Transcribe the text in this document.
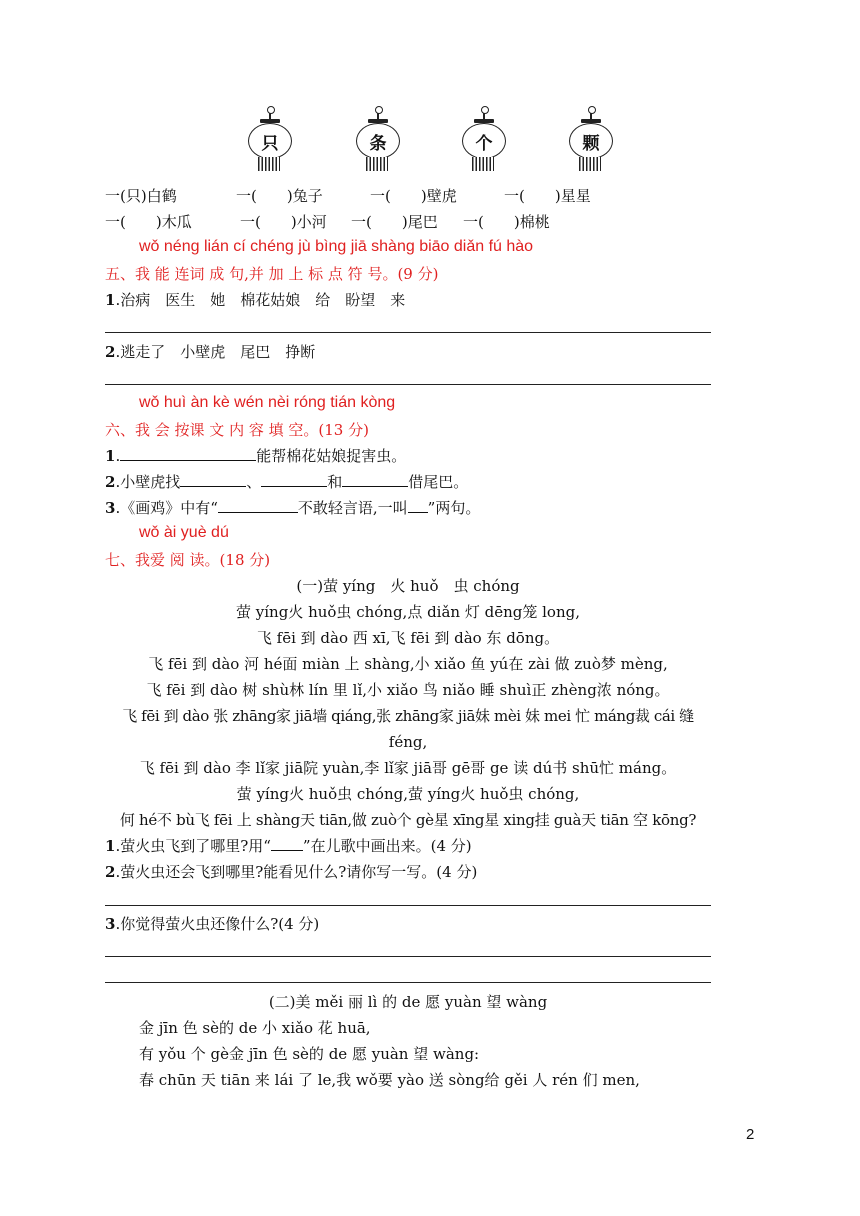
只	条	个	颗
一(只)白鹤	一(　　)兔子	一(　　)壁虎	一(　　)星星
一(　　)木瓜	一(　　)小河 一(　　)尾巴 一(　　)棉桃
wǒ néng lián cí chéng jù bìng jiā shàng biāo diǎn fú hào
五、我 能 连词 成 句,并 加 上 标 点 符 号。(9 分)
1.治病　医生　她　棉花姑娘　给　盼望　来
2.逃走了　小壁虎　尾巴　挣断
wǒ huì àn kè wén nèi róng tián kòng
六、我 会 按课 文 内 容 填 空。(13 分)
1.	能帮棉花姑娘捉害虫。
2.小壁虎找	、	和	借尾巴。
3.《画鸡》中有“	不敢轻言语,一叫 ”两句。
wǒ ài yuè dú
七、我爱 阅 读。(18 分)
(一)萤 yíng　火 huǒ　虫 chóng
萤 yíng火 huǒ虫 chóng,点 diǎn 灯 dēng笼 long,
飞 fēi 到 dào 西 xī,飞 fēi 到 dào 东 dōng。
飞 fēi 到 dào 河 hé面 miàn 上 shàng,小 xiǎo 鱼 yú在 zài 做 zuò梦 mèng,
飞 fēi 到 dào 树 shù林 lín 里 lǐ,小 xiǎo 鸟 niǎo 睡 shuì正 zhèng浓 nóng。
飞 fēi 到 dào 张 zhāng家 jiā墙 qiáng,张 zhāng家 jiā妹 mèi 妹 mei 忙 máng裁 cái 缝
féng,
飞 fēi 到 dào 李 lǐ家 jiā院 yuàn,李 lǐ家 jiā哥 gē哥 ge 读 dú书 shū忙 máng。
萤 yíng火 huǒ虫 chóng,萤 yíng火 huǒ虫 chóng,
何 hé不 bù飞 fēi 上 shàng天 tiān,做 zuò个 gè星 xīng星 xing挂 guà天 tiān 空 kōng?
1.萤火虫飞到了哪里?用“ ”在儿歌中画出来。(4 分)
2.萤火虫还会飞到哪里?能看见什么?请你写一写。(4 分)
3.你觉得萤火虫还像什么?(4 分)
(二)美 měi 丽 lì 的 de 愿 yuàn 望 wàng
金 jīn 色 sè的 de 小 xiǎo 花 huā,
有 yǒu 个 gè金 jīn 色 sè的 de 愿 yuàn 望 wàng:
春 chūn 天 tiān 来 lái 了 le,我 wǒ要 yào 送 sòng给 gěi 人 rén 们 men,
2
